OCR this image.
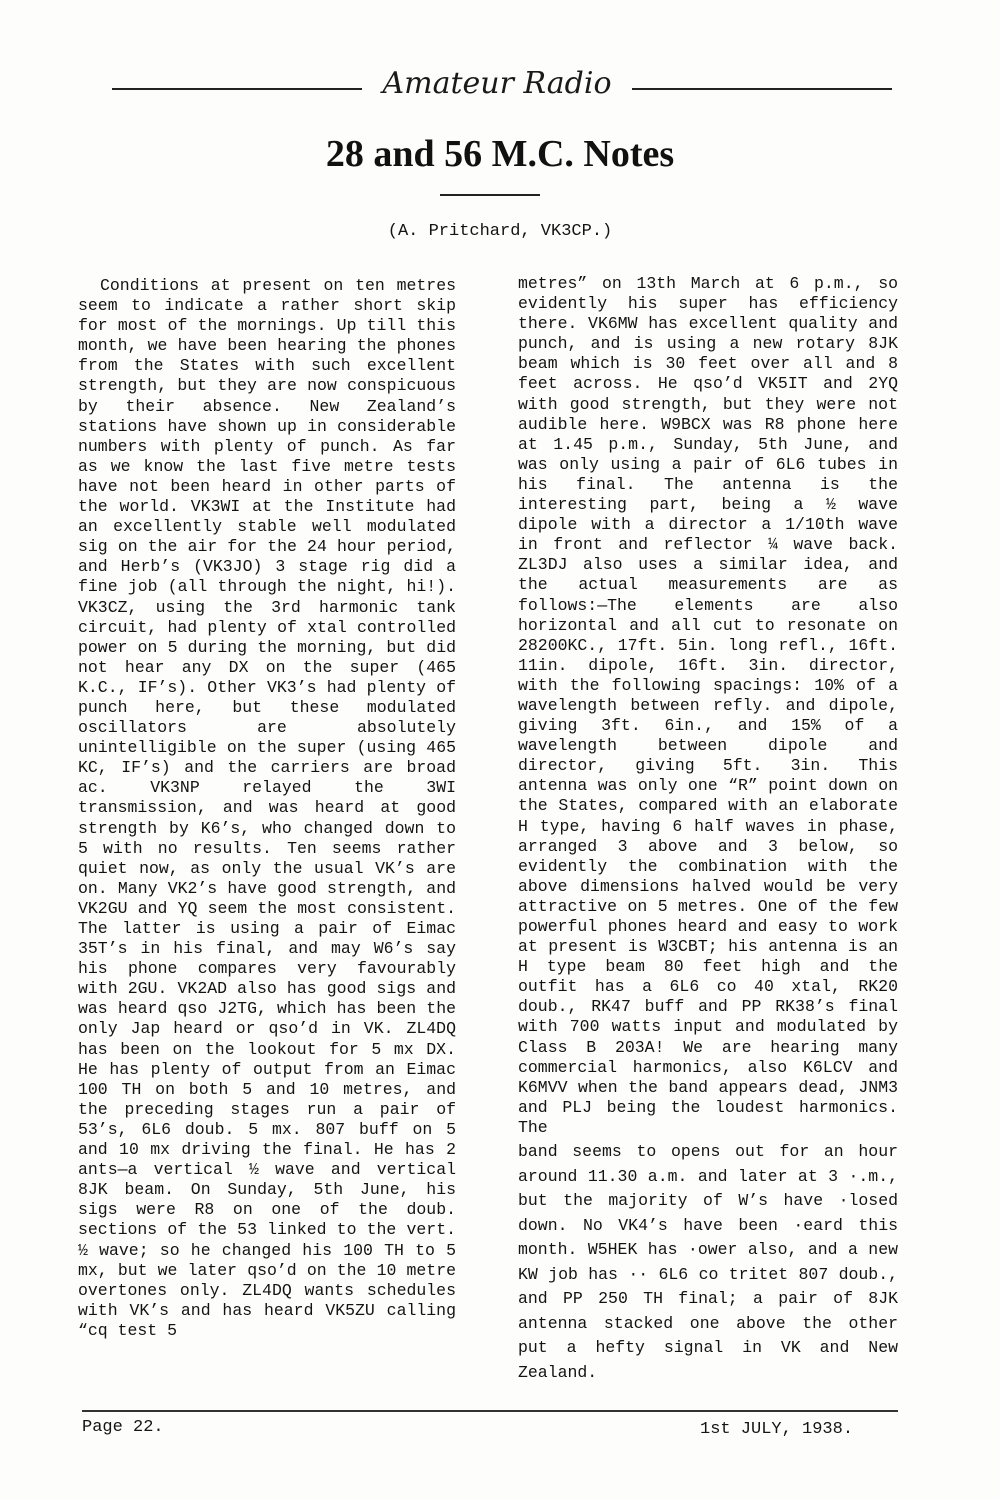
Amateur Radio
28 and 56 M.C. Notes
(A. Pritchard, VK3CP.)

Conditions at present on ten metres seem to indicate a rather short skip for most of the mornings. Up till this month, we have been hearing the phones from the States with such excellent strength, but they are now conspicuous by their absence. New Zealand’s stations have shown up in considerable numbers with plenty of punch. As far as we know the last five metre tests have not been heard in other parts of the world. VK3WI at the Institute had an excellently stable well modulated sig on the air for the 24 hour period, and Herb’s (VK3JO) 3 stage rig did a fine job (all through the night, hi!). VK3CZ, using the 3rd harmonic tank circuit, had plenty of xtal controlled power on 5 during the morning, but did not hear any DX on the super (465 K.C., IF’s). Other VK3’s had plenty of punch here, but these modulated oscillators are absolutely unintelligible on the super (using 465 KC, IF’s) and the carriers are broad ac. VK3NP relayed the 3WI transmission, and was heard at good strength by K6’s, who changed down to 5 with no results. Ten seems rather quiet now, as only the usual VK’s are on. Many VK2’s have good strength, and VK2GU and YQ seem the most consistent. The latter is using a pair of Eimac 35T’s in his final, and may W6’s say his phone compares very favourably with 2GU. VK2AD also has good sigs and was heard qso J2TG, which has been the only Jap heard or qso’d in VK. ZL4DQ has been on the lookout for 5 mx DX. He has plenty of output from an Eimac 100 TH on both 5 and 10 metres, and the preceding stages run a pair of 53’s, 6L6 doub. 5 mx. 807 buff on 5 and 10 mx driving the final. He has 2 ants—a vertical ½ wave and vertical 8JK beam. On Sunday, 5th June, his sigs were R8 on one of the doub. sections of the 53 linked to the vert. ½ wave; so he changed his 100 TH to 5 mx, but we later qso’d on the 10 metre overtones only. ZL4DQ wants schedules with VK’s and has heard VK5ZU calling “cq test 5

metres” on 13th March at 6 p.m., so evidently his super has efficiency there. VK6MW has excellent quality and punch, and is using a new rotary 8JK beam which is 30 feet over all and 8 feet across. He qso’d VK5IT and 2YQ with good strength, but they were not audible here. W9BCX was R8 phone here at 1.45 p.m., Sunday, 5th June, and was only using a pair of 6L6 tubes in his final. The antenna is the interesting part, being a ½ wave dipole with a director a 1/10th wave in front and reflector ¼ wave back. ZL3DJ also uses a similar idea, and the actual measurements are as follows:—The elements are also horizontal and all cut to resonate on 28200KC., 17ft. 5in. long refl., 16ft. 11in. dipole, 16ft. 3in. director, with the following spacings: 10% of a wavelength between refly. and dipole, giving 3ft. 6in., and 15% of a wavelength between dipole and director, giving 5ft. 3in. This antenna was only one “R” point down on the States, compared with an elaborate H type, having 6 half waves in phase, arranged 3 above and 3 below, so evidently the combination with the above dimensions halved would be very attractive on 5 metres. One of the few powerful phones heard and easy to work at present is W3CBT; his antenna is an H type beam 80 feet high and the outfit has a 6L6 co 40 xtal, RK20 doub., RK47 buff and PP RK38’s final with 700 watts input and modulated by Class B 203A! We are hearing many commercial harmonics, also K6LCV and K6MVV when the band appears dead, JNM3 and PLJ being the loudest harmonics. The

band seems to opens out for an hour around 11.30 a.m. and later at 3 ·.m., but the majority of W’s have ·losed down. No VK4’s have been ·eard this month. W5HEK has ·ower also, and a new KW job has ·· 6L6 co tritet 807 doub., and PP 250 TH final; a pair of 8JK antenna stacked one above the other put a hefty signal in VK and New Zealand.

Page 22.	1st JULY, 1938.
